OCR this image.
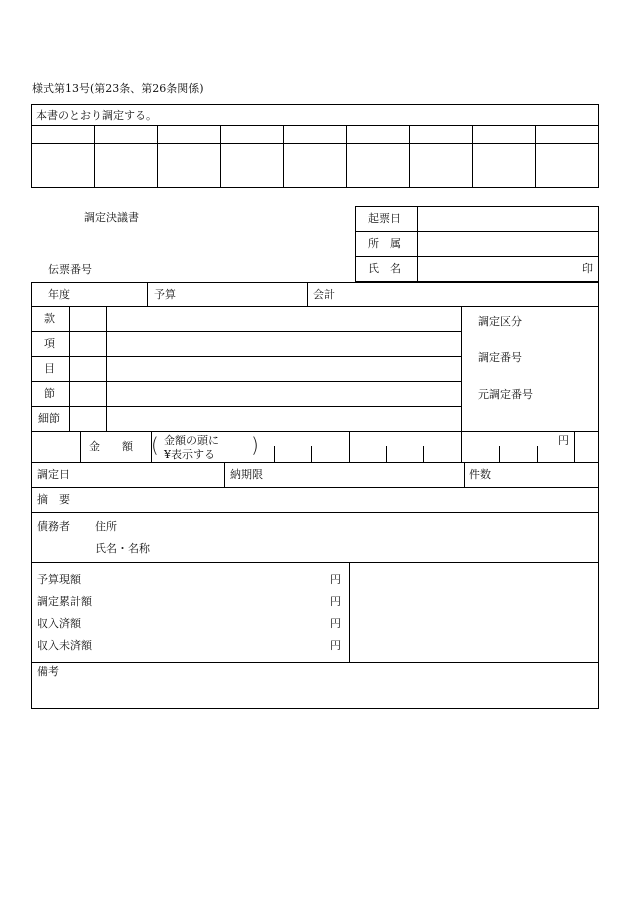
様式第13号(第23条、第26条関係)
本書のとおり調定する。
調定決議書
伝票番号
起票日
所　属
氏　名	印
年度	予算	会計
款
項
目
節
細節
調定区分
調定番号
元調定番号
金　　額 ( 金額の頭に
¥表示する )	円
調定日	納期限	件数
摘　要
債務者 住所
氏名・名称
予算現額	円
調定累計額	円
収入済額	円
収入未済額	円
備考
